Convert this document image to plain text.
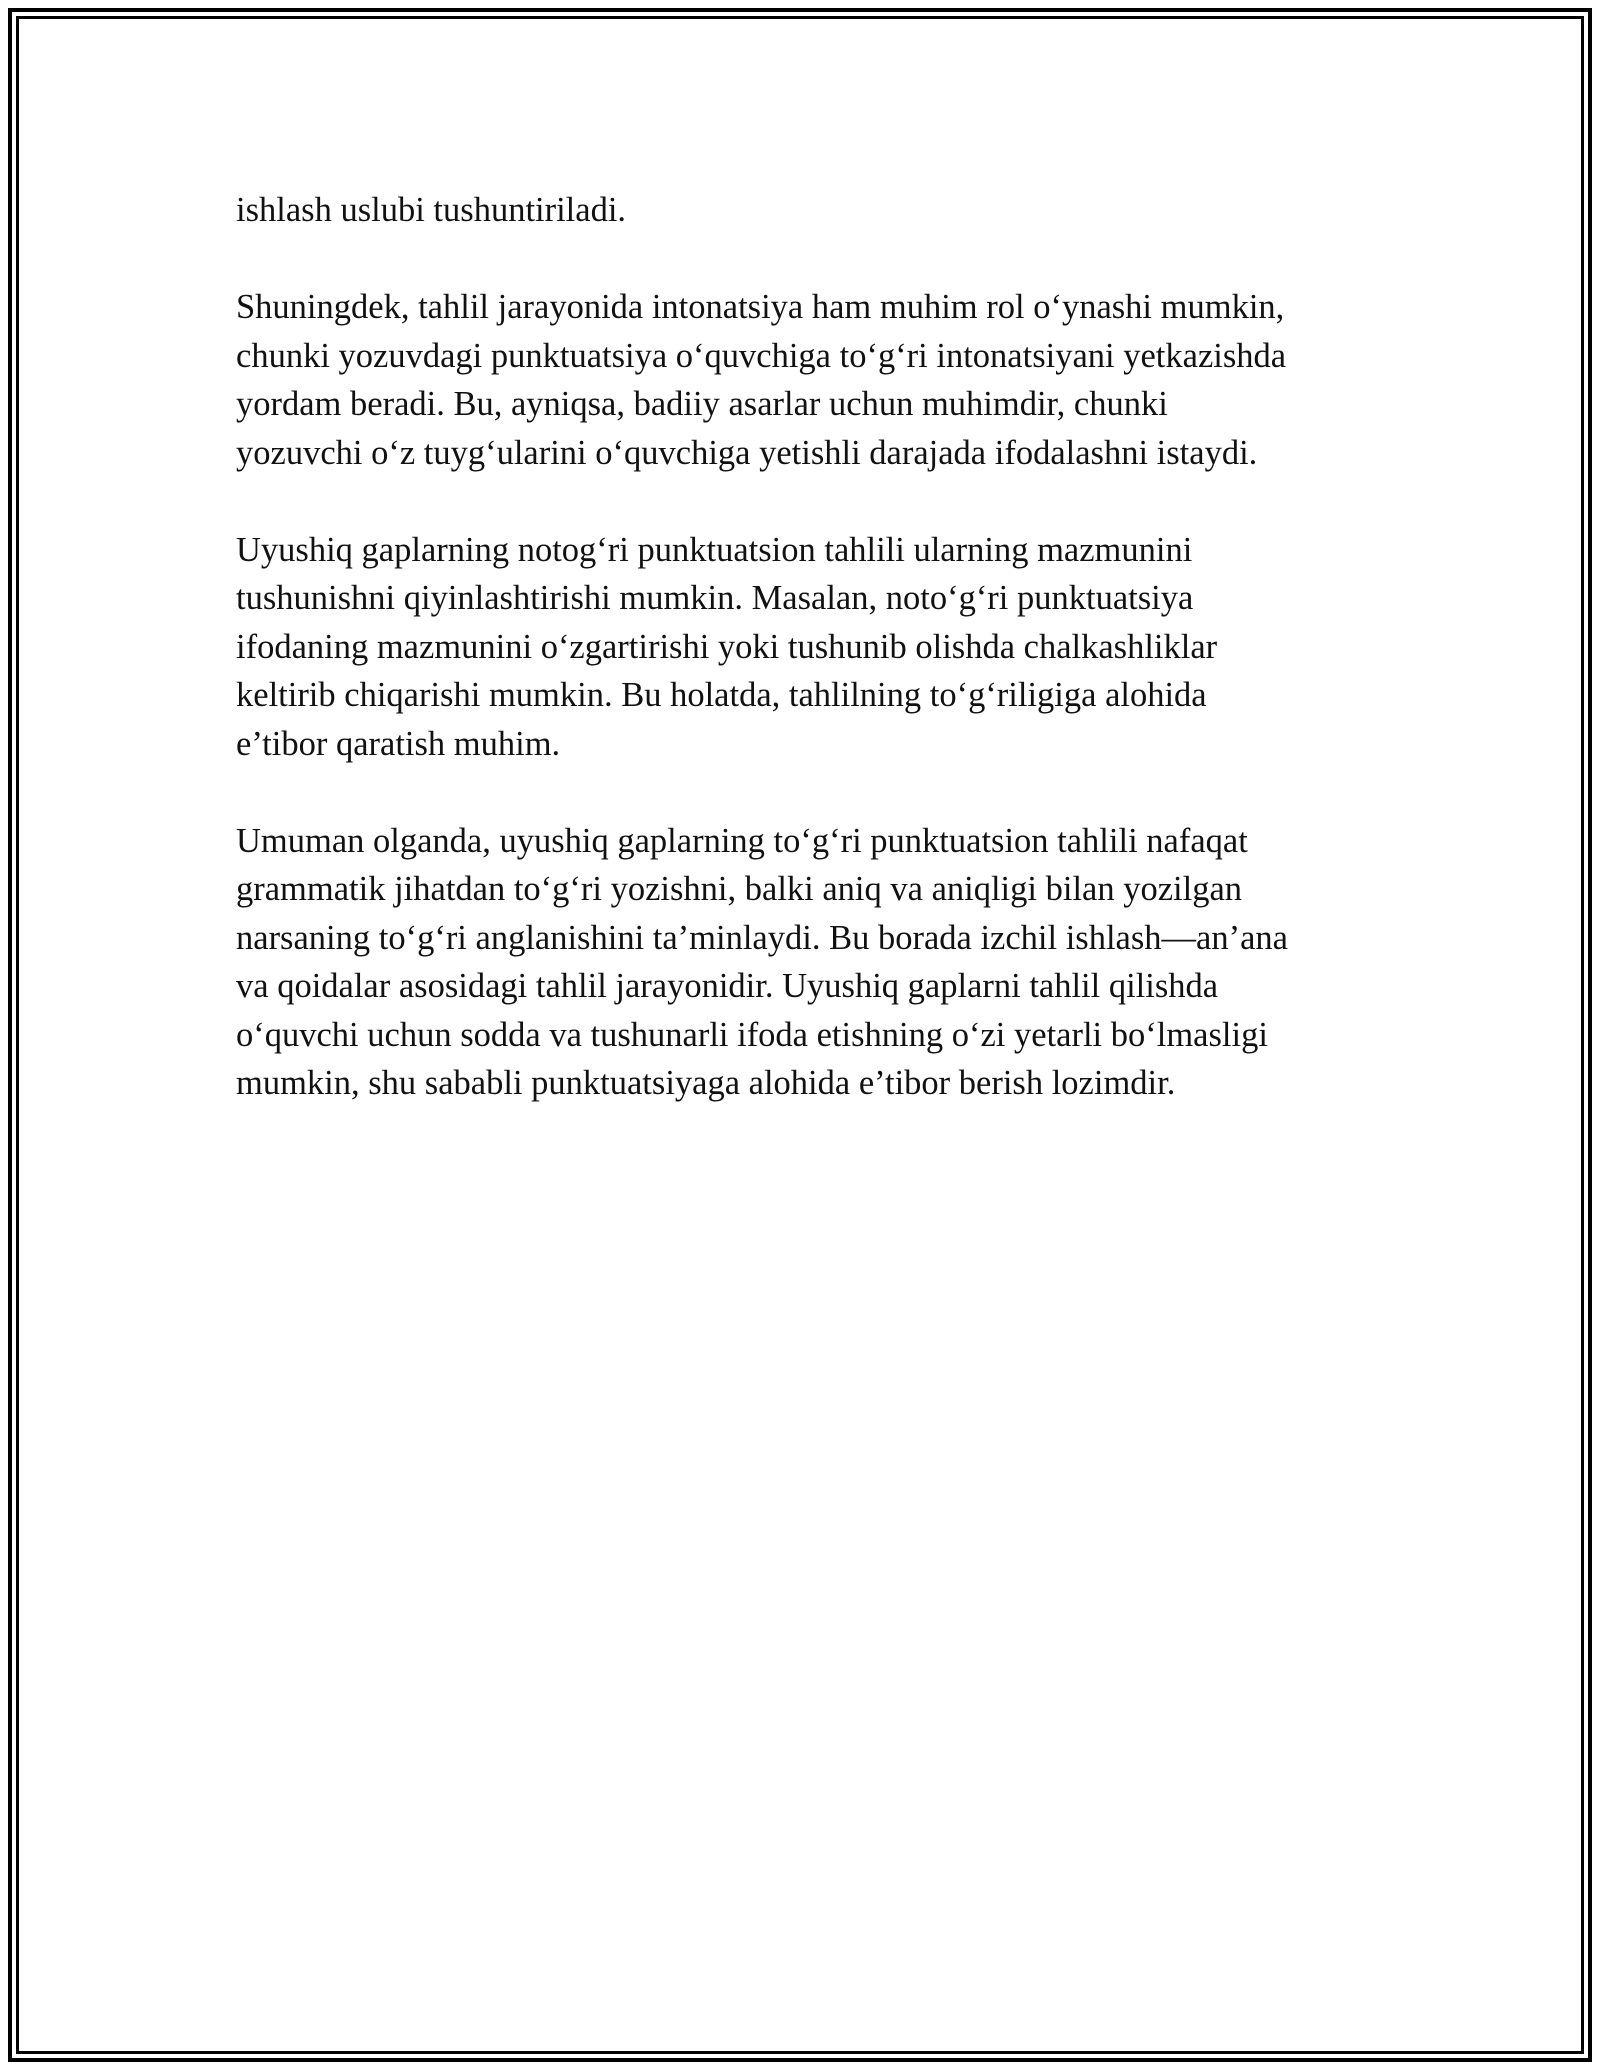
ishlash uslubi tushuntiriladi.

Shuningdek, tahlil jarayonida intonatsiya ham muhim rol o‘ynashi mumkin,
chunki yozuvdagi punktuatsiya o‘quvchiga to‘g‘ri intonatsiyani yetkazishda
yordam beradi. Bu, ayniqsa, badiiy asarlar uchun muhimdir, chunki
yozuvchi o‘z tuyg‘ularini o‘quvchiga yetishli darajada ifodalashni istaydi.

Uyushiq gaplarning notog‘ri punktuatsion tahlili ularning mazmunini
tushunishni qiyinlashtirishi mumkin. Masalan, noto‘g‘ri punktuatsiya
ifodaning mazmunini o‘zgartirishi yoki tushunib olishda chalkashliklar
keltirib chiqarishi mumkin. Bu holatda, tahlilning to‘g‘riligiga alohida
e’tibor qaratish muhim.

Umuman olganda, uyushiq gaplarning to‘g‘ri punktuatsion tahlili nafaqat
grammatik jihatdan to‘g‘ri yozishni, balki aniq va aniqligi bilan yozilgan
narsaning to‘g‘ri anglanishini ta’minlaydi. Bu borada izchil ishlash—an’ana
va qoidalar asosidagi tahlil jarayonidir. Uyushiq gaplarni tahlil qilishda
o‘quvchi uchun sodda va tushunarli ifoda etishning o‘zi yetarli bo‘lmasligi
mumkin, shu sababli punktuatsiyaga alohida e’tibor berish lozimdir.
